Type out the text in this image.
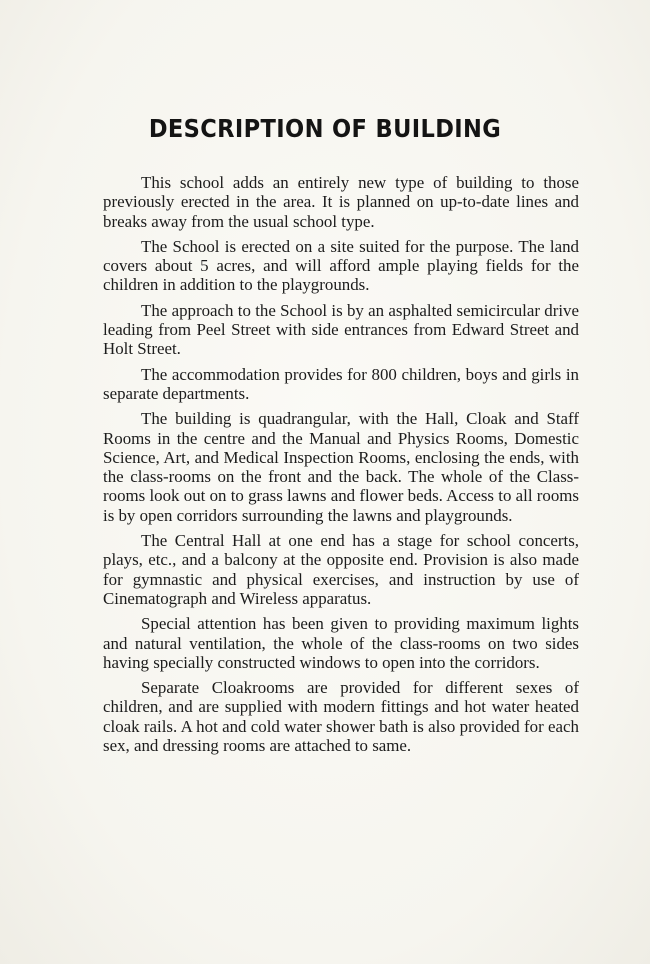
DESCRIPTION OF BUILDING

This school adds an entirely new type of building to those previously erected in the area. It is planned on up-to-date lines and breaks away from the usual school type.

The School is erected on a site suited for the purpose. The land covers about 5 acres, and will afford ample playing fields for the children in addition to the playgrounds.

The approach to the School is by an asphalted semicircular drive leading from Peel Street with side entrances from Edward Street and Holt Street.

The accommodation provides for 800 children, boys and girls in separate departments.

The building is quadrangular, with the Hall, Cloak and Staff Rooms in the centre and the Manual and Physics Rooms, Domestic Science, Art, and Medical Inspection Rooms, enclosing the ends, with the class-rooms on the front and the back. The whole of the Class-rooms look out on to grass lawns and flower beds. Access to all rooms is by open corridors surrounding the lawns and playgrounds.

The Central Hall at one end has a stage for school concerts, plays, etc., and a balcony at the opposite end. Provision is also made for gymnastic and physical exercises, and instruction by use of Cinematograph and Wireless apparatus.

Special attention has been given to providing maximum lights and natural ventilation, the whole of the class-rooms on two sides having specially constructed windows to open into the corridors.

Separate Cloakrooms are provided for different sexes of children, and are supplied with modern fittings and hot water heated cloak rails. A hot and cold water shower bath is also provided for each sex, and dressing rooms are attached to same.
